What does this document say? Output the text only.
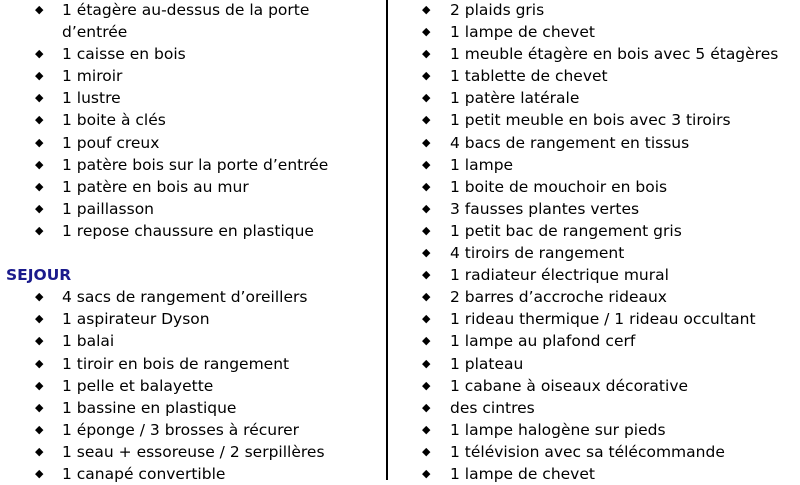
◆ 1 étagère au-dessus de la porte
d’entrée
◆ 1 caisse en bois
◆ 1 miroir
◆ 1 lustre
◆ 1 boite à clés
◆ 1 pouf creux
◆ 1 patère bois sur la porte d’entrée
◆ 1 patère en bois au mur
◆ 1 paillasson
◆ 1 repose chaussure en plastique
SEJOUR
◆ 4 sacs de rangement d’oreillers
◆ 1 aspirateur Dyson
◆ 1 balai
◆ 1 tiroir en bois de rangement
◆ 1 pelle et balayette
◆ 1 bassine en plastique
◆ 1 éponge / 3 brosses à récurer
◆ 1 seau + essoreuse / 2 serpillères
◆ 1 canapé convertible
◆ 2 plaids gris
◆ 1 lampe de chevet
◆ 1 meuble étagère en bois avec 5 étagères
◆ 1 tablette de chevet
◆ 1 patère latérale
◆ 1 petit meuble en bois avec 3 tiroirs
◆ 4 bacs de rangement en tissus
◆ 1 lampe
◆ 1 boite de mouchoir en bois
◆ 3 fausses plantes vertes
◆ 1 petit bac de rangement gris
◆ 4 tiroirs de rangement
◆ 1 radiateur électrique mural
◆ 2 barres d’accroche rideaux
◆ 1 rideau thermique / 1 rideau occultant
◆ 1 lampe au plafond cerf
◆ 1 plateau
◆ 1 cabane à oiseaux décorative
◆ des cintres
◆ 1 lampe halogène sur pieds
◆ 1 télévision avec sa télécommande
◆ 1 lampe de chevet
